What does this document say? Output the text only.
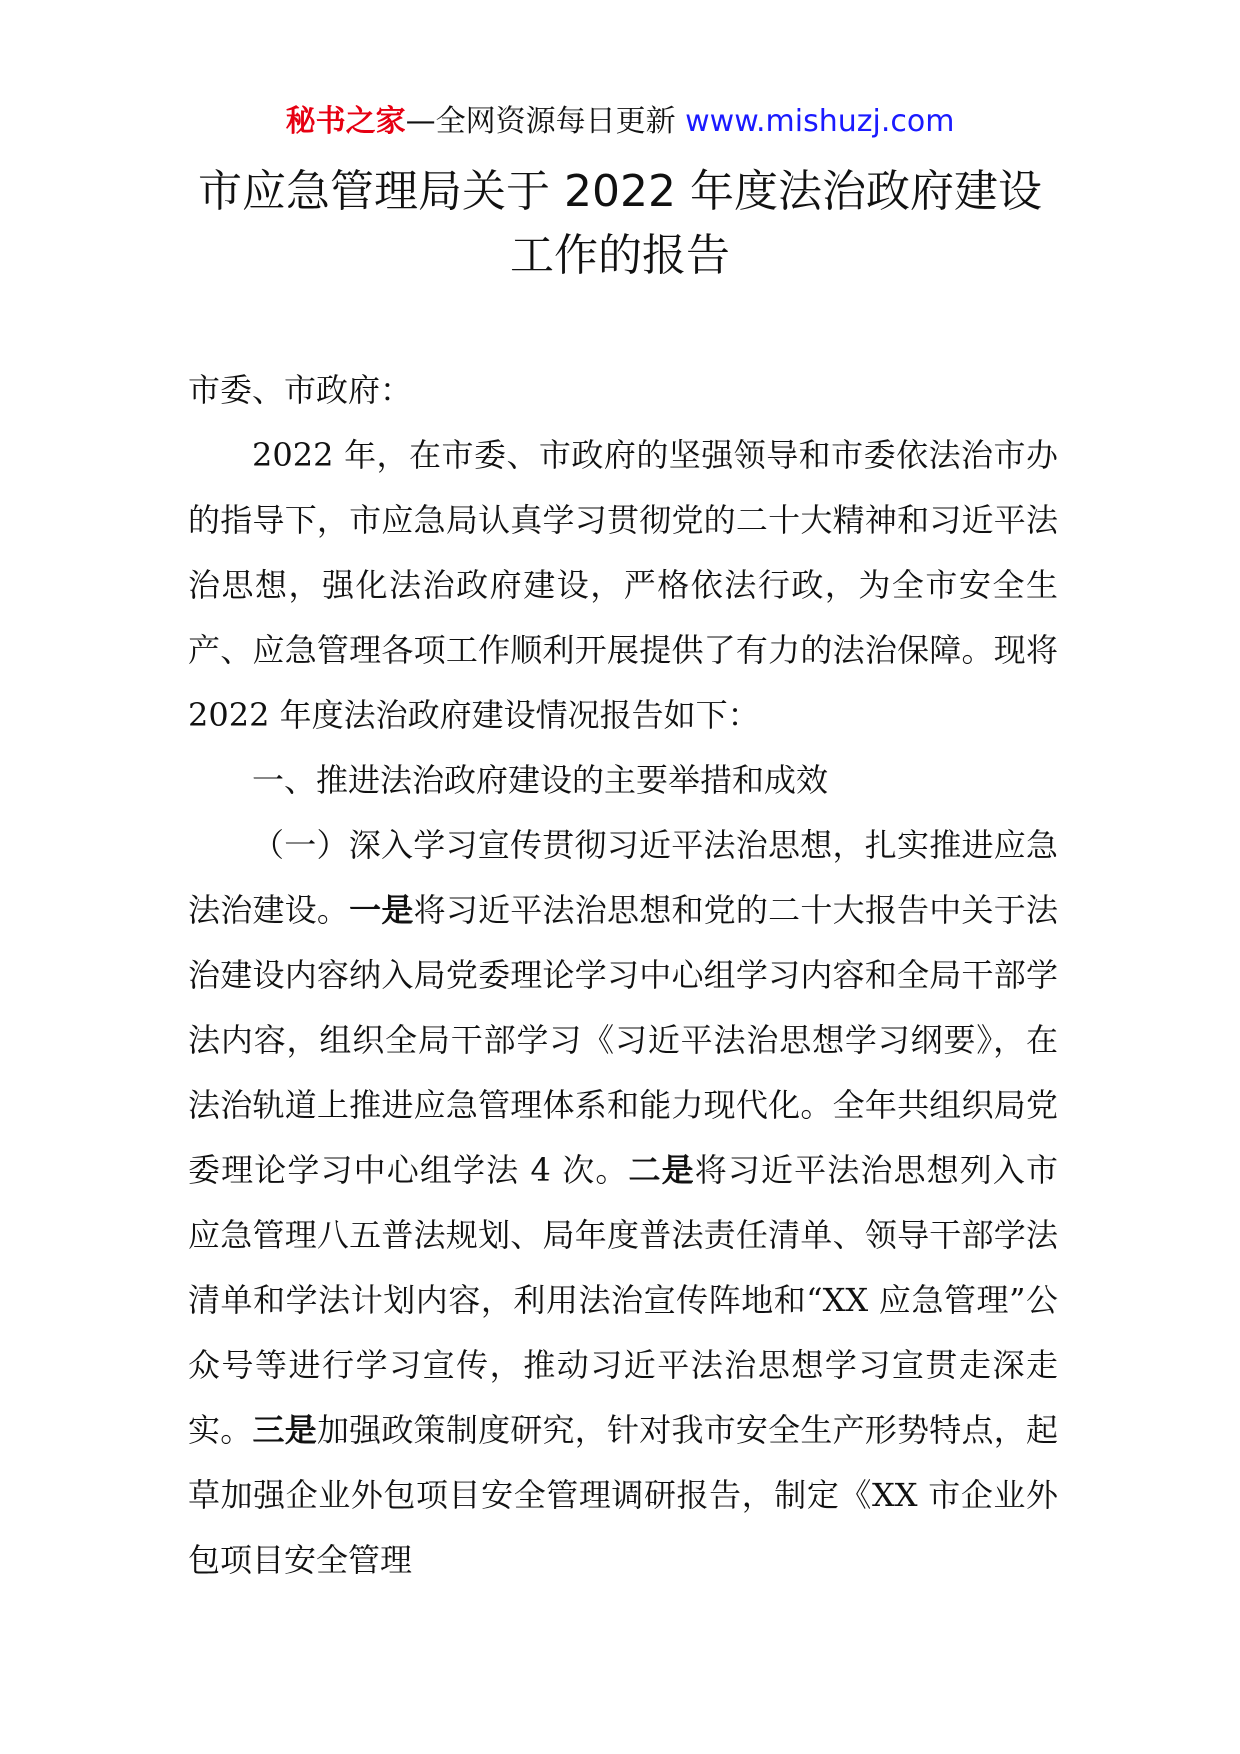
秘书之家—全网资源每日更新 www.mishuzj.com
市应急管理局关于 2022 年度法治政府建设
工作的报告

市委、市政府：

2022 年，在市委、市政府的坚强领导和市委依法治市办的指导下，市应急局认真学习贯彻党的二十大精神和习近平法治思想，强化法治政府建设，严格依法行政，为全市安全生产、应急管理各项工作顺利开展提供了有力的法治保障。现将 2022 年度法治政府建设情况报告如下：

一、推进法治政府建设的主要举措和成效

（一）深入学习宣传贯彻习近平法治思想，扎实推进应急法治建设。一是将习近平法治思想和党的二十大报告中关于法治建设内容纳入局党委理论学习中心组学习内容和全局干部学法内容，组织全局干部学习《习近平法治思想学习纲要》，在法治轨道上推进应急管理体系和能力现代化。全年共组织局党委理论学习中心组学法 4 次。二是将习近平法治思想列入市应急管理八五普法规划、局年度普法责任清单、领导干部学法清单和学法计划内容，利用法治宣传阵地和“XX 应急管理”公众号等进行学习宣传，推动习近平法治思想学习宣贯走深走实。三是加强政策制度研究，针对我市安全生产形势特点，起草加强企业外包项目安全管理调研报告，制定《XX 市企业外包项目安全管理
